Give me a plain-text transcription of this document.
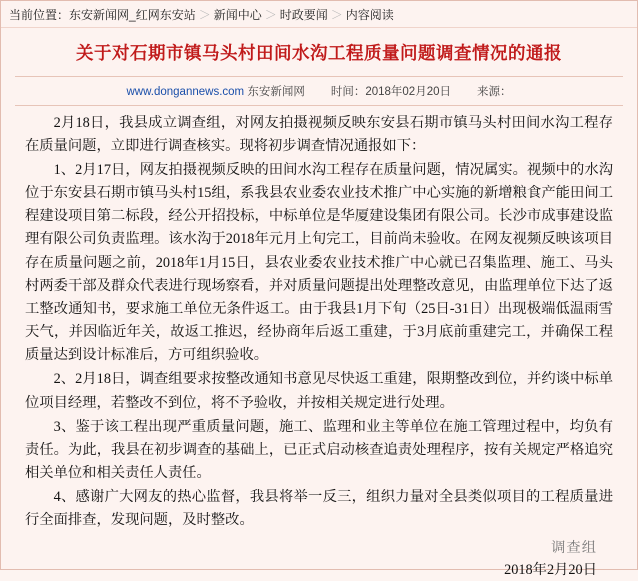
当前位置： 东安新闻网_红网东安站 ＞ 新闻中心 ＞ 时政要闻 ＞ 内容阅读
关于对石期市镇马头村田间水沟工程质量问题调查情况的通报
www.dongannews.com 东安新闻网 时间：2018年02月20日 来源：

2月18日，我县成立调查组，对网友拍摄视频反映东安县石期市镇马头村田间水沟工程存在质量问题，立即进行调查核实。现将初步调查情况通报如下：

1、2月17日，网友拍摄视频反映的田间水沟工程存在质量问题，情况属实。视频中的水沟位于东安县石期市镇马头村15组，系我县农业委农业技术推广中心实施的新增粮食产能田间工程建设项目第二标段，经公开招投标，中标单位是华厦建设集团有限公司。长沙市成事建设监理有限公司负责监理。该水沟于2018年元月上旬完工，目前尚未验收。在网友视频反映该项目存在质量问题之前，2018年1月15日，县农业委农业技术推广中心就已召集监理、施工、马头村两委干部及群众代表进行现场察看，并对质量问题提出处理整改意见，由监理单位下达了返工整改通知书，要求施工单位无条件返工。由于我县1月下旬（25日-31日）出现极端低温雨雪天气，并因临近年关，故返工推迟，经协商年后返工重建，于3月底前重建完工，并确保工程质量达到设计标准后，方可组织验收。

2、2月18日，调查组要求按整改通知书意见尽快返工重建，限期整改到位，并约谈中标单位项目经理，若整改不到位，将不予验收，并按相关规定进行处理。

3、鉴于该工程出现严重质量问题，施工、监理和业主等单位在施工管理过程中，均负有责任。为此，我县在初步调查的基础上，已正式启动核查追责处理程序，按有关规定严格追究相关单位和相关责任人责任。

4、感谢广大网友的热心监督，我县将举一反三，组织力量对全县类似项目的工程质量进行全面排查，发现问题，及时整改。

调查组
2018年2月20日
